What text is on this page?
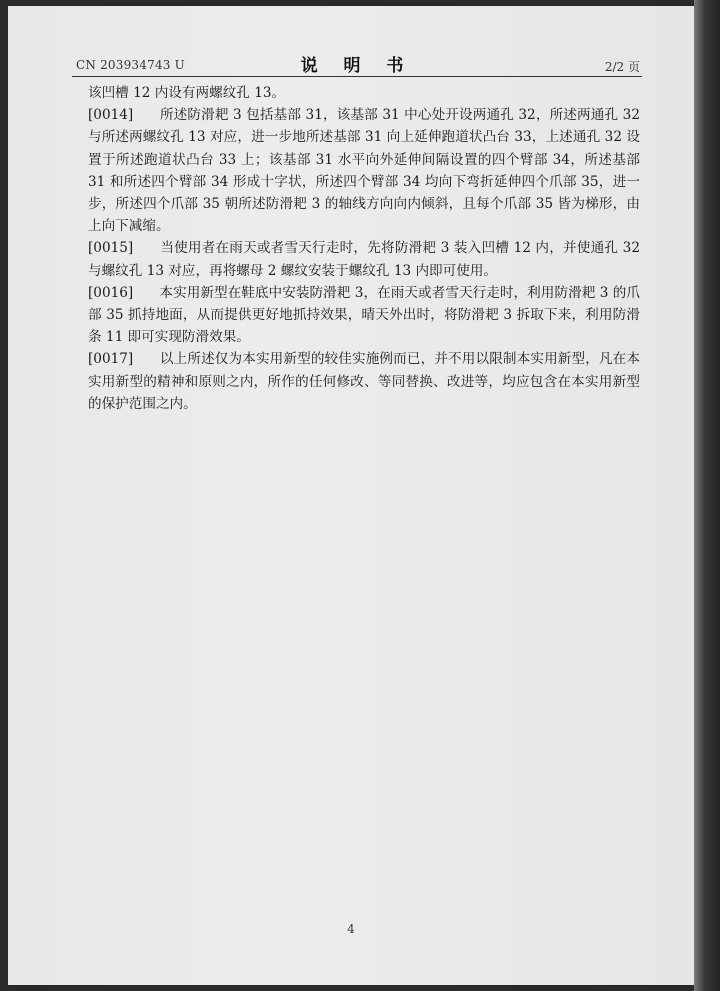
CN 203934743 U	说 明 书	2/2 页

该凹槽 12 内设有两螺纹孔 13。

[0014] 所述防滑耙 3 包括基部 31，该基部 31 中心处开设两通孔 32，所述两通孔 32 与所述两螺纹孔 13 对应，进一步地所述基部 31 向上延伸跑道状凸台 33，上述通孔 32 设置于所述跑道状凸台 33 上；该基部 31 水平向外延伸间隔设置的四个臂部 34，所述基部 31 和所述四个臂部 34 形成十字状，所述四个臂部 34 均向下弯折延伸四个爪部 35，进一步，所述四个爪部 35 朝所述防滑耙 3 的轴线方向向内倾斜，且每个爪部 35 皆为梯形，由上向下减缩。

[0015] 当使用者在雨天或者雪天行走时，先将防滑耙 3 装入凹槽 12 内，并使通孔 32 与螺纹孔 13 对应，再将螺母 2 螺纹安装于螺纹孔 13 内即可使用。

[0016] 本实用新型在鞋底中安装防滑耙 3，在雨天或者雪天行走时，利用防滑耙 3 的爪部 35 抓持地面，从而提供更好地抓持效果，晴天外出时，将防滑耙 3 拆取下来，利用防滑条 11 即可实现防滑效果。

[0017] 以上所述仅为本实用新型的较佳实施例而已，并不用以限制本实用新型，凡在本实用新型的精神和原则之内，所作的任何修改、等同替换、改进等，均应包含在本实用新型的保护范围之内。

4
